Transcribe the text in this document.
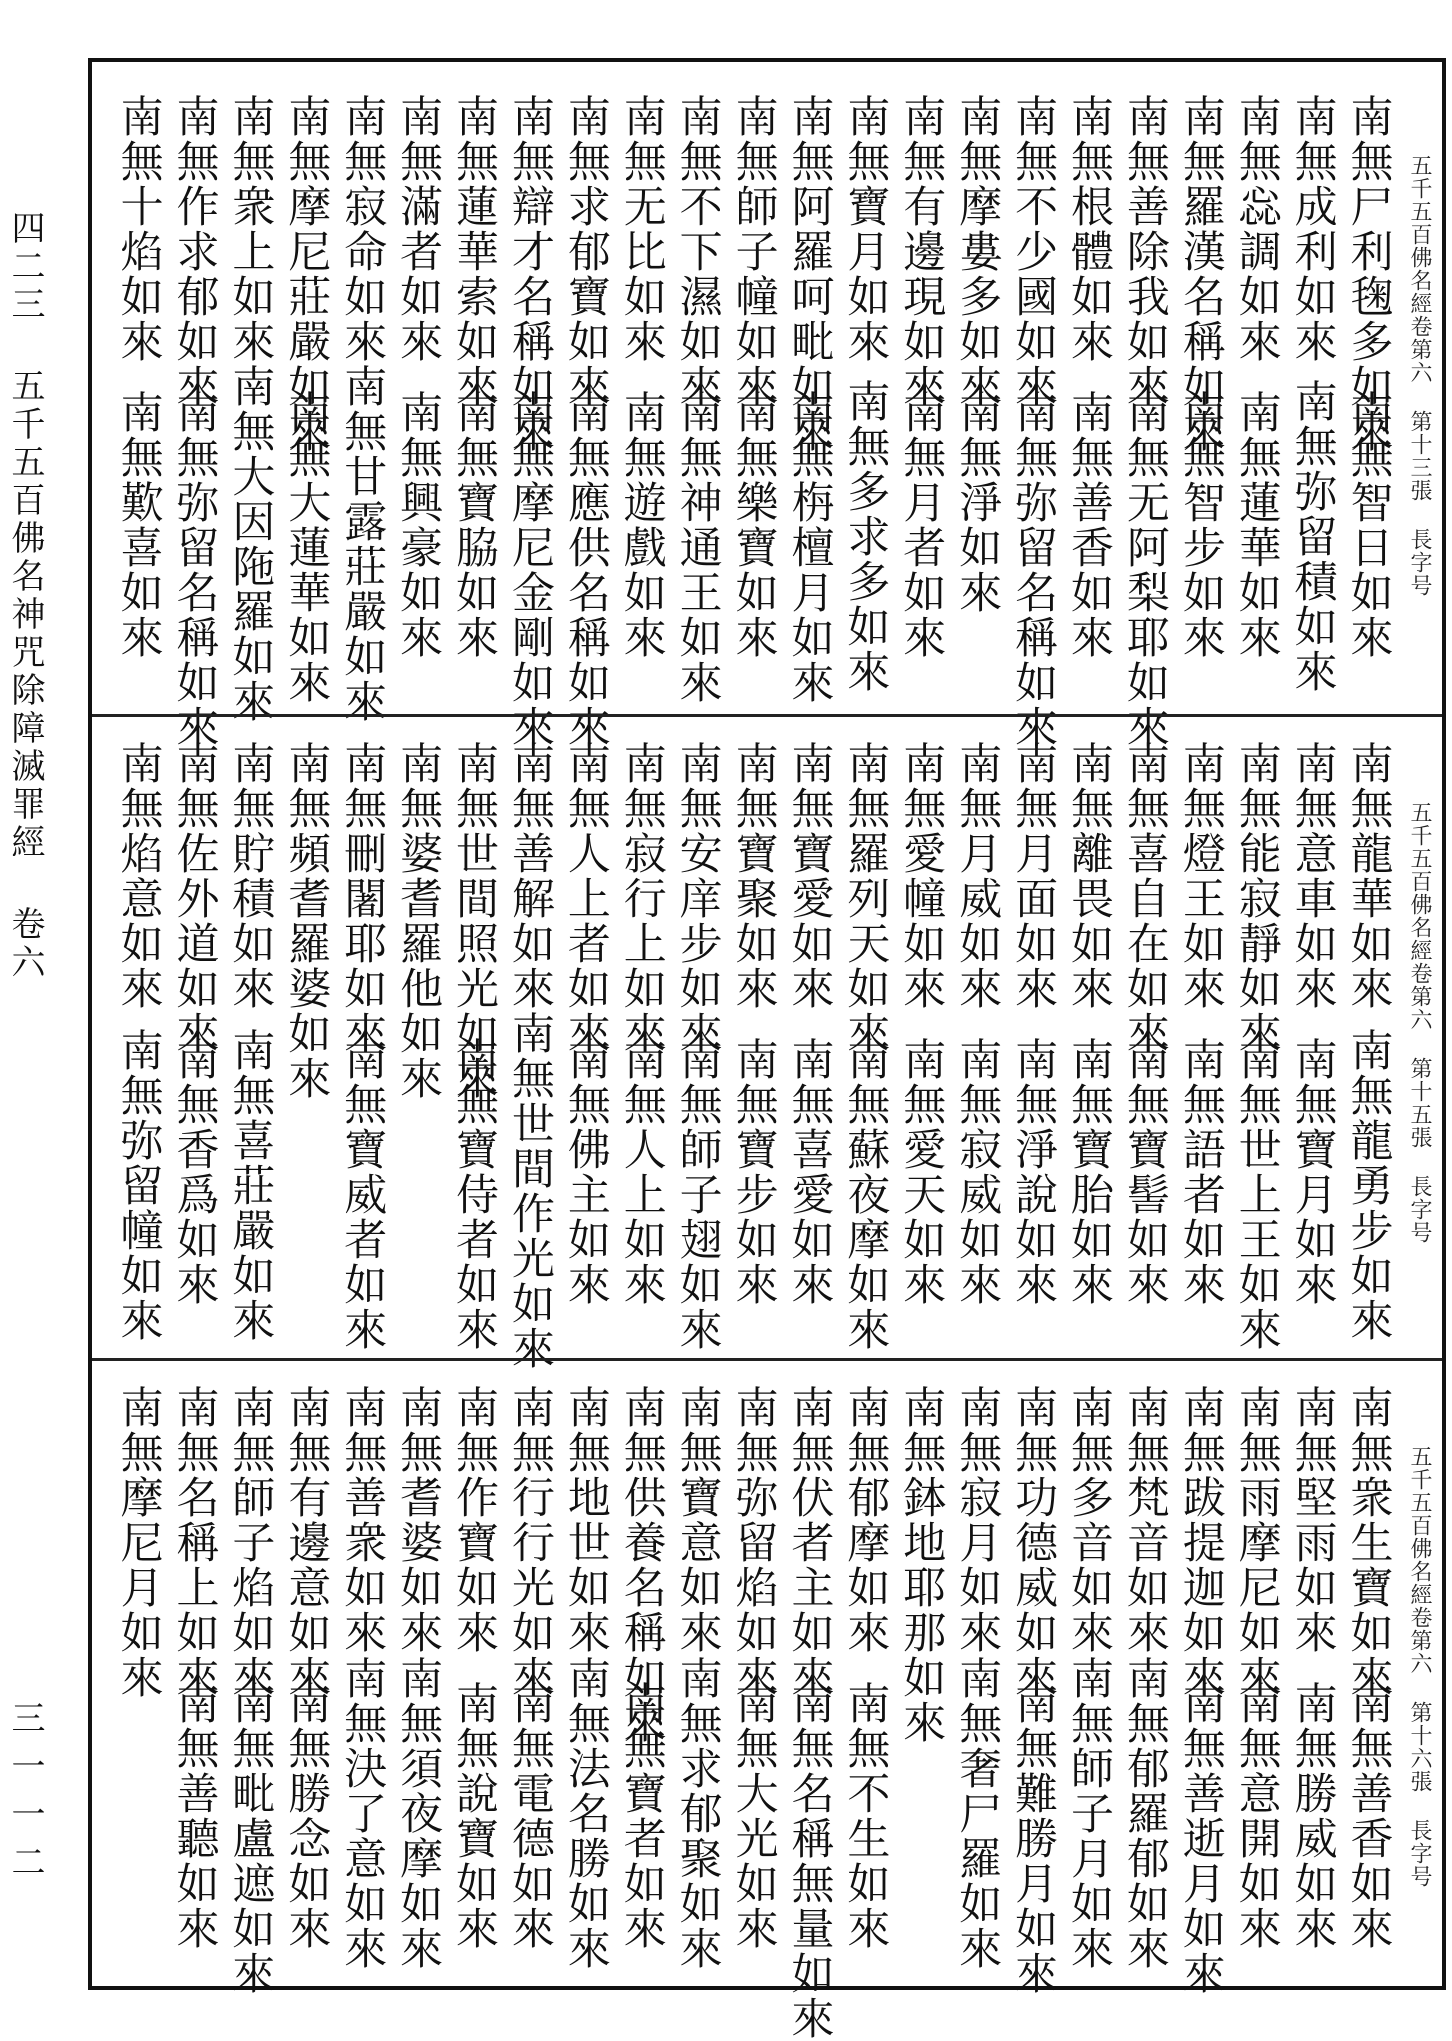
四二三 五千五百佛名神咒除障滅罪經 卷六
三一一二
五千五百佛名經卷第六 第十三張 長字号
南無尸利毱多如來
南無智日如來
南無成利如來
南無弥留積如來
南無惢調如來
南無蓮華如來
南無羅漢名稱如來
南無智步如來
南無善除我如來
南無无阿梨耶如來
南無根體如來
南無善香如來
南無不少國如來
南無弥留名稱如來
南無摩婁多如來
南無淨如來
南無有邊現如來
南無月者如來
南無寶月如來
南無多求多如來
南無阿羅呵毗如來
南無栴檀月如來
南無師子幢如來
南無樂寶如來
南無不下濕如來
南無神通王如來
南無无比如來
南無遊戲如來
南無求郁寶如來
南無應供名稱如來
南無辯才名稱如來
南無摩尼金剛如來
南無蓮華索如來
南無寶脇如來
南無滿者如來
南無興豪如來
南無寂命如來
南無甘露莊嚴如來
南無摩尼莊嚴如來
南無大蓮華如來
南無衆上如來
南無大因陁羅如來
南無作求郁如來
南無弥留名稱如來
南無十焰如來
南無歎喜如來
五千五百佛名經卷第六 第十五張 長字号
南無龍華如來
南無龍勇步如來
南無意車如來
南無寶月如來
南無能寂靜如來
南無世上王如來
南無燈王如來
南無語者如來
南無喜自在如來
南無寶髻如來
南無離畏如來
南無寶胎如來
南無月面如來
南無淨說如來
南無月威如來
南無寂威如來
南無愛幢如來
南無愛天如來
南無羅列天如來
南無蘇夜摩如來
南無寶愛如來
南無喜愛如來
南無寶聚如來
南無寶步如來
南無安庠步如來
南無師子翅如來
南無寂行上如來
南無人上如來
南無人上者如來
南無佛主如來
南無善解如來
南無世間作光如來
南無世間照光如來
南無寶侍者如來
南無婆耆羅他如來
南無刪闍耶如來
南無寶威者如來
南無頻耆羅婆如來
南無貯積如來
南無喜莊嚴如來
南無佐外道如來
南無香爲如來
南無焰意如來
南無弥留幢如來
五千五百佛名經卷第六 第十六張 長字号
南無衆生寶如來
南無善香如來
南無堅雨如來
南無勝威如來
南無雨摩尼如來
南無意開如來
南無跋提迦如來
南無善逝月如來
南無梵音如來
南無郁羅郁如來
南無多音如來
南無師子月如來
南無功德威如來
南無難勝月如來
南無寂月如來
南無奢尸羅如來
南無鉢地耶那如來
南無郁摩如來
南無不生如來
南無伏者主如來
南無名稱無量如來
南無弥留焰如來
南無大光如來
南無寶意如來
南無求郁聚如來
南無供養名稱如來
南無寶者如來
南無地世如來
南無法名勝如來
南無行行光如來
南無電德如來
南無作寶如來
南無說寶如來
南無耆婆如來
南無須夜摩如來
南無善衆如來
南無決了意如來
南無有邊意如來
南無勝念如來
南無師子焰如來
南無毗盧遮如來
南無名稱上如來
南無善聽如來
南無摩尼月如來
